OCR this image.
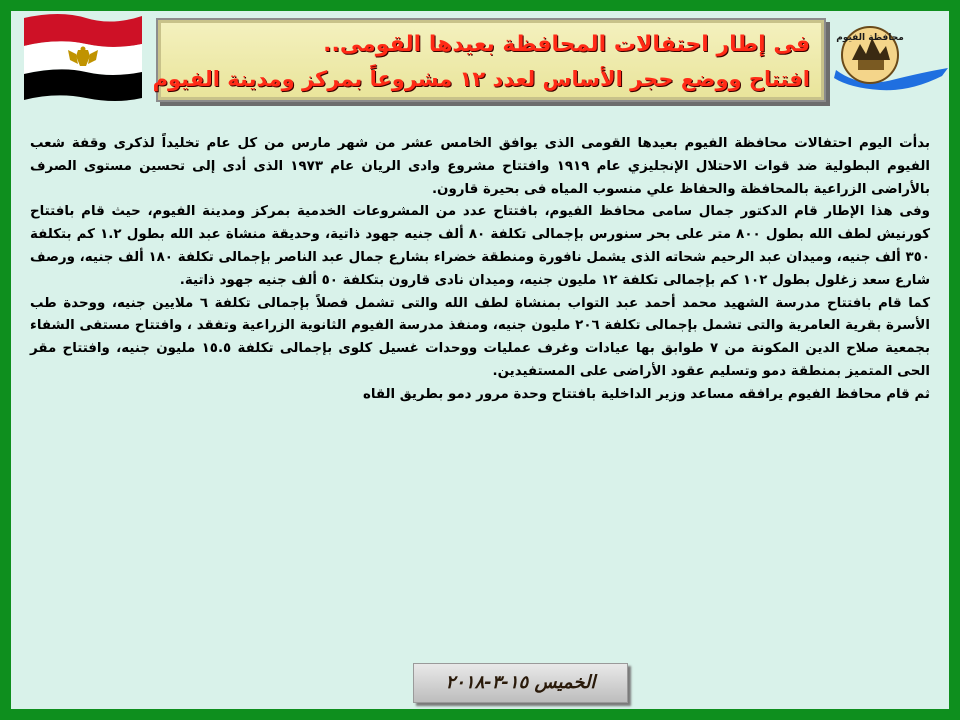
فى إطار احتفالات المحافظة بعيدها القومى..
افتتاح ووضع حجر الأساس لعدد ١٢ مشروعاً بمركز ومدينة الفيوم
محافظة الفيوم

بدأت اليوم احتفالات محافظة الفيوم بعيدها القومى الذى يوافق الخامس عشر من شهر مارس من كل عام تخليداً لذكرى وقفة شعب الفيوم البطولية ضد قوات الاحتلال الإنجليزي عام ١٩١٩ وافتتاح مشروع وادى الريان عام ١٩٧٣ الذى أدى إلى تحسين مستوى الصرف بالأراضى الزراعية بالمحافظة والحفاظ علي منسوب المياه فى بحيرة قارون.

وفى هذا الإطار قام الدكتور جمال سامى محافظ الفيوم، بافتتاح عدد من المشروعات الخدمية بمركز ومدينة الفيوم، حيث قام بافتتاح كورنيش لطف الله بطول ٨٠٠ متر على بحر سنورس بإجمالى تكلفة ٨٠ ألف جنيه جهود ذاتية، وحديقة منشاة عبد الله بطول ١.٢ كم بتكلفة ٣٥٠ ألف جنيه، وميدان عبد الرحيم شحاته الذى يشمل نافورة ومنطقة خضراء بشارع جمال عبد الناصر بإجمالى تكلفة ١٨٠ ألف جنيه، ورصف شارع سعد زغلول بطول ١٠٢ كم بإجمالى تكلفة ١٢ مليون جنيه، وميدان نادى قارون بتكلفة ٥٠ ألف جنيه جهود ذاتية.

كما قام بافتتاح مدرسة الشهيد محمد أحمد عبد التواب بمنشاة لطف الله والتى تشمل فصلاً بإجمالى تكلفة ٦ ملايين جنيه، ووحدة طب الأسرة بقرية العامرية والتى تشمل بإجمالى تكلفة ٢٠٦ مليون جنيه، ومنفذ مدرسة الفيوم الثانوية الزراعية وتفقد ، وافتتاح مستفى الشفاء بجمعية صلاح الدين المكونة من ٧ طوابق بها عيادات وغرف عمليات ووحدات غسيل كلوى بإجمالى تكلفة ١٥.٥ مليون جنيه، وافتتاح مقر الحى المتميز بمنطقة دمو وتسليم عقود الأراضى على المستفيدين.

ثم قام محافظ الفيوم يرافقه مساعد وزير الداخلية بافتتاح وحدة مرور دمو بطريق القاه

الخميس ١٥-٣-٢٠١٨
